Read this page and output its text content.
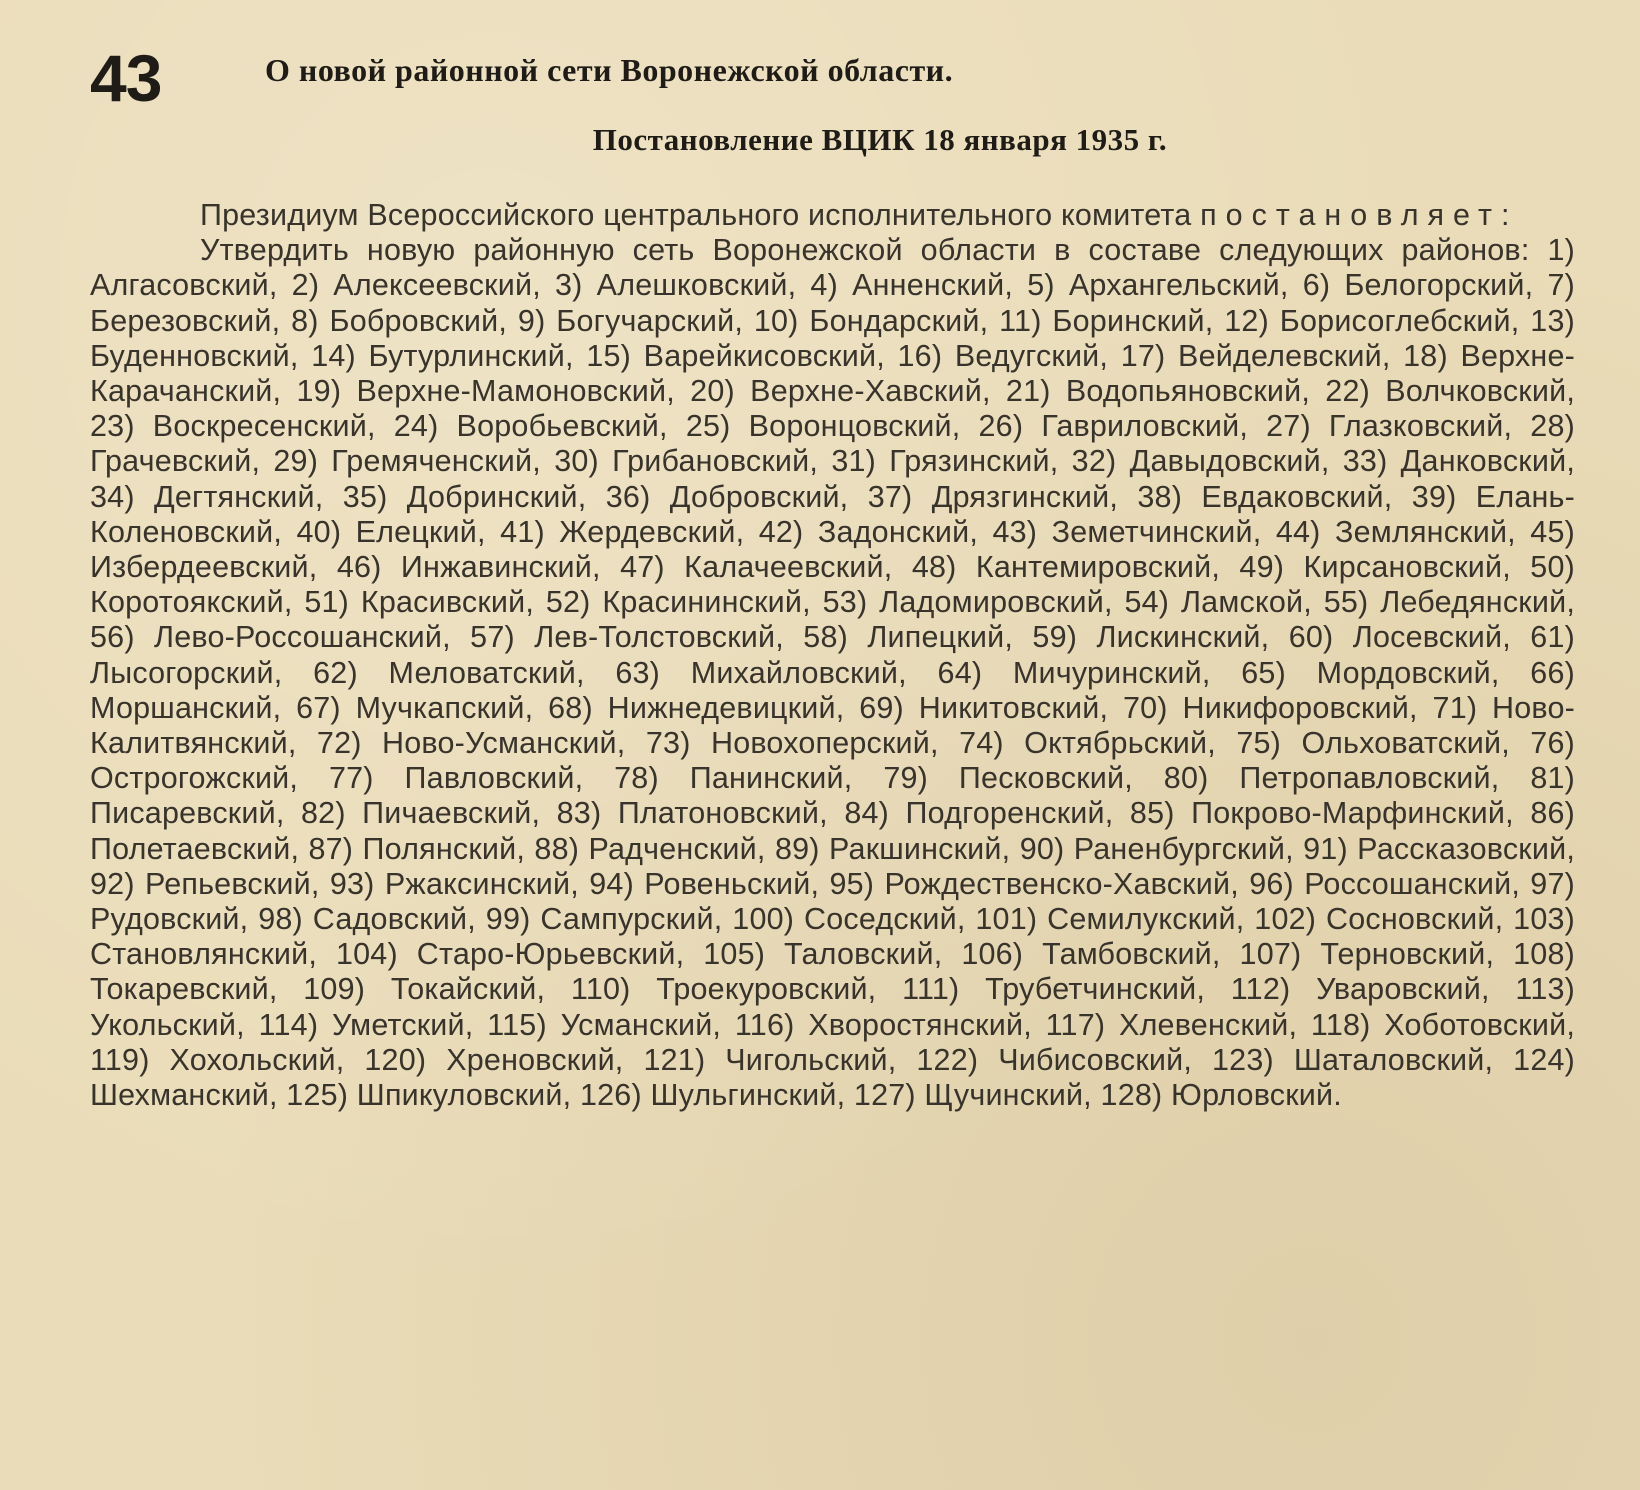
43	О новой районной сети Воронежской области.
Постановление ВЦИК 18 января 1935 г.

Президиум Всероссийского центрального исполнительного комитета постановляет:

Утвердить новую районную сеть Воронежской области в составе следующих районов: 1) Алгасовский, 2) Алексеевский, 3) Алешковский, 4) Анненский, 5) Архангельский, 6) Белогорский, 7) Березовский, 8) Бобровский, 9) Богучарский, 10) Бондарский, 11) Боринский, 12) Борисоглебский, 13) Буденновский, 14) Бутурлинский, 15) Варейкисовский, 16) Ведугский, 17) Вейделевский, 18) Верхне-Карачанский, 19) Верхне-Мамоновский, 20) Верхне-Хавский, 21) Водопьяновский, 22) Волчковский, 23) Воскресенский, 24) Воробьевский, 25) Воронцовский, 26) Гавриловский, 27) Глазковский, 28) Грачевский, 29) Гремяченский, 30) Грибановский, 31) Грязинский, 32) Давыдовский, 33) Данковский, 34) Дегтянский, 35) Добринский, 36) Добровский, 37) Дрязгинский, 38) Евдаковский, 39) Елань-Коленовский, 40) Елецкий, 41) Жердевский, 42) Задонский, 43) Земетчинский, 44) Землянский, 45) Избердеевский, 46) Инжавинский, 47) Калачеевский, 48) Кантемировский, 49) Кирсановский, 50) Коротоякский, 51) Красивский, 52) Красининский, 53) Ладомировский, 54) Ламской, 55) Лебедянский, 56) Лево-Россошанский, 57) Лев-Толстовский, 58) Липецкий, 59) Лискинский, 60) Лосевский, 61) Лысогорский, 62) Меловатский, 63) Михайловский, 64) Мичуринский, 65) Мордовский, 66) Моршанский, 67) Мучкапский, 68) Нижнедевицкий, 69) Никитовский, 70) Никифоровский, 71) Ново-Калитвянский, 72) Ново-Усманский, 73) Новохоперский, 74) Октябрьский, 75) Ольховатский, 76) Острогожский, 77) Павловский, 78) Панинский, 79) Песковский, 80) Петропавловский, 81) Писаревский, 82) Пичаевский, 83) Платоновский, 84) Подгоренский, 85) Покрово-Марфинский, 86) Полетаевский, 87) Полянский, 88) Радченский, 89) Ракшинский, 90) Раненбургский, 91) Рассказовский, 92) Репьевский, 93) Ржаксинский, 94) Ровеньский, 95) Рождественско-Хавский, 96) Россошанский, 97) Рудовский, 98) Садовский, 99) Сампурский, 100) Соседский, 101) Семилукский, 102) Сосновский, 103) Становлянский, 104) Старо-Юрьевский, 105) Таловский, 106) Тамбовский, 107) Терновский, 108) Токаревский, 109) Токайский, 110) Троекуровский, 111) Трубетчинский, 112) Уваровский, 113) Укольский, 114) Уметский, 115) Усманский, 116) Хворостянский, 117) Хлевенский, 118) Хоботовский, 119) Хохольский, 120) Хреновский, 121) Чигольский, 122) Чибисовский, 123) Шаталовский, 124) Шехманский, 125) Шпикуловский, 126) Шульгинский, 127) Щучинский, 128) Юрловский.
